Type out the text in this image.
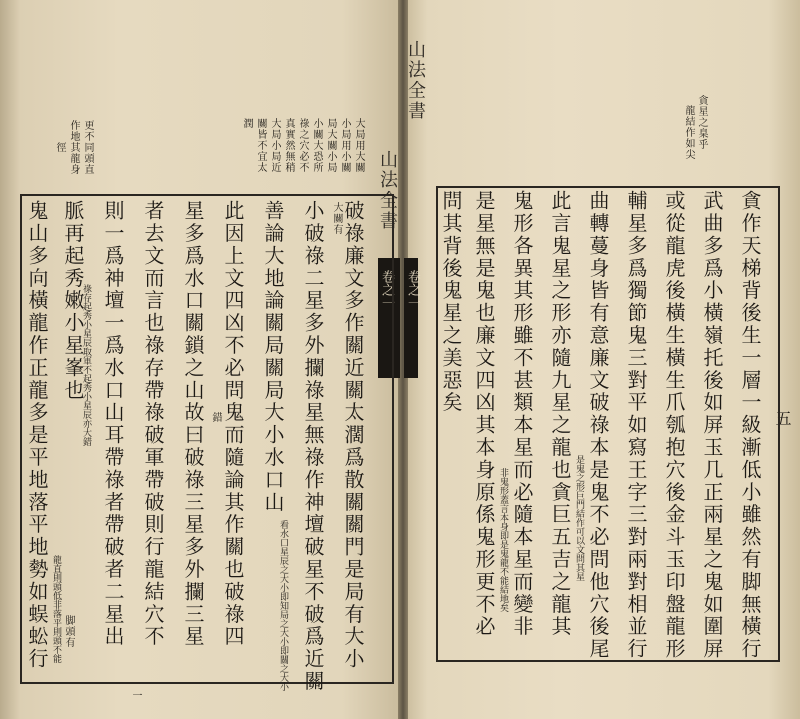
山法全書
卷之一
更不同頭直
作地其龍身
徑	大局用大關
小局用小關
局大關小局
小關大恐所
祿之穴必不
真實然無稍
大局小局近
關皆不宜太
潤
破祿廉文多作關近關太濶爲散關關門是局有大小
小破祿二星多外攔祿星無祿作神壇破星不破爲近關
善論大地論關局關局大小水口山
此因上文四凶不必問鬼而隨論其作關也破祿四
星多爲水口關鎖之山故曰破祿三星多外攔三星
者去文而言也祿存帶祿破軍帶破則行龍結穴不
則一爲神壇一爲水口山耳帶祿者帶破者二星出
脈再起秀嫩小星峯也
鬼山多向橫龍作正龍多是平地落平地勢如蜈蚣行	大關有
看水口星辰之大小即知局之大小即關之大小
錯
祿存起秀小星辰取軍不起秀小星辰亦大錯
龍直則頭低非落平則頭不能 脚頭有
一
山法全書
卷之一
五
貪星之臬乎
龍結作如尖
貪作天梯背後生一層一級漸低小雖然有脚無橫行
武曲多爲小橫嶺托後如屏玉几正兩星之鬼如圍屏
或從龍虎後橫生橫生爪瓠抱穴後金斗玉印盤龍形
輔星多爲獨節鬼三對平如寫王字三對兩對相並行
曲轉蔓身皆有意廉文破祿本是鬼不必問他穴後尾
此言鬼星之形亦隨九星之龍也貪巨五吉之龍其
鬼形各異其形雖不甚類本星而必隨本星而變非
是星無是鬼也廉文四凶其本身原係鬼形更不必
問其背後鬼星之美惡矣
是鬼之形巨門結作可以文問其星
非鬼形蓋言本身即是鬼龍不能結地矣
